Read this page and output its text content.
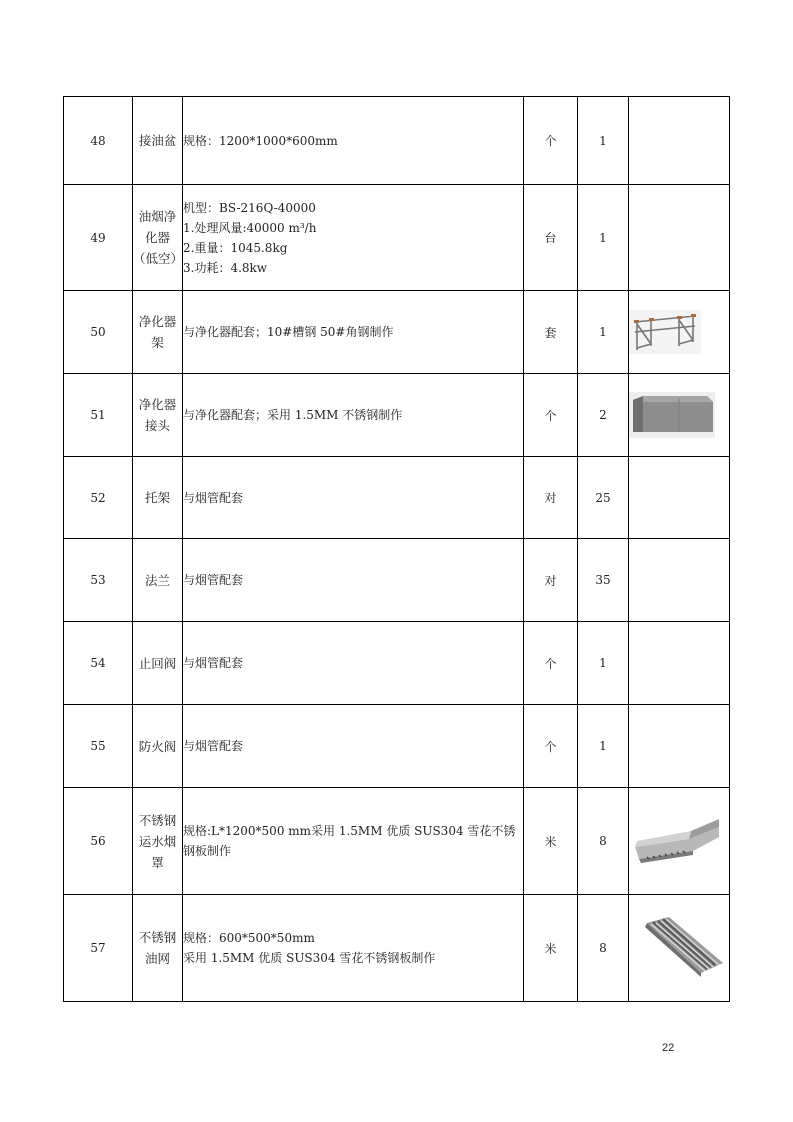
48	接油盆	规格：1200*1000*600mm	个	1	
49	油烟净化器（低空）	机型：BS-216Q-40000
1.处理风量:40000 m³/h
2.重量：1045.8kg
3.功耗：4.8kw	台	1	
50	净化器架	与净化器配套；10#槽钢 50#角钢制作	套	1	

51	净化器接头	与净化器配套；采用 1.5MM 不锈钢制作	个	2	

52	托架	与烟管配套	对	25	
53	法兰	与烟管配套	对	35	
54	止回阀	与烟管配套	个	1	
55	防火阀	与烟管配套	个	1	
56	不锈钢运水烟罩	规格:L*1200*500 mm采用 1.5MM 优质 SUS304 雪花不锈钢板制作	米	8	

57	不锈钢油网	规格：600*500*50mm
采用 1.5MM 优质 SUS304 雪花不锈钢板制作	米	8	
22
